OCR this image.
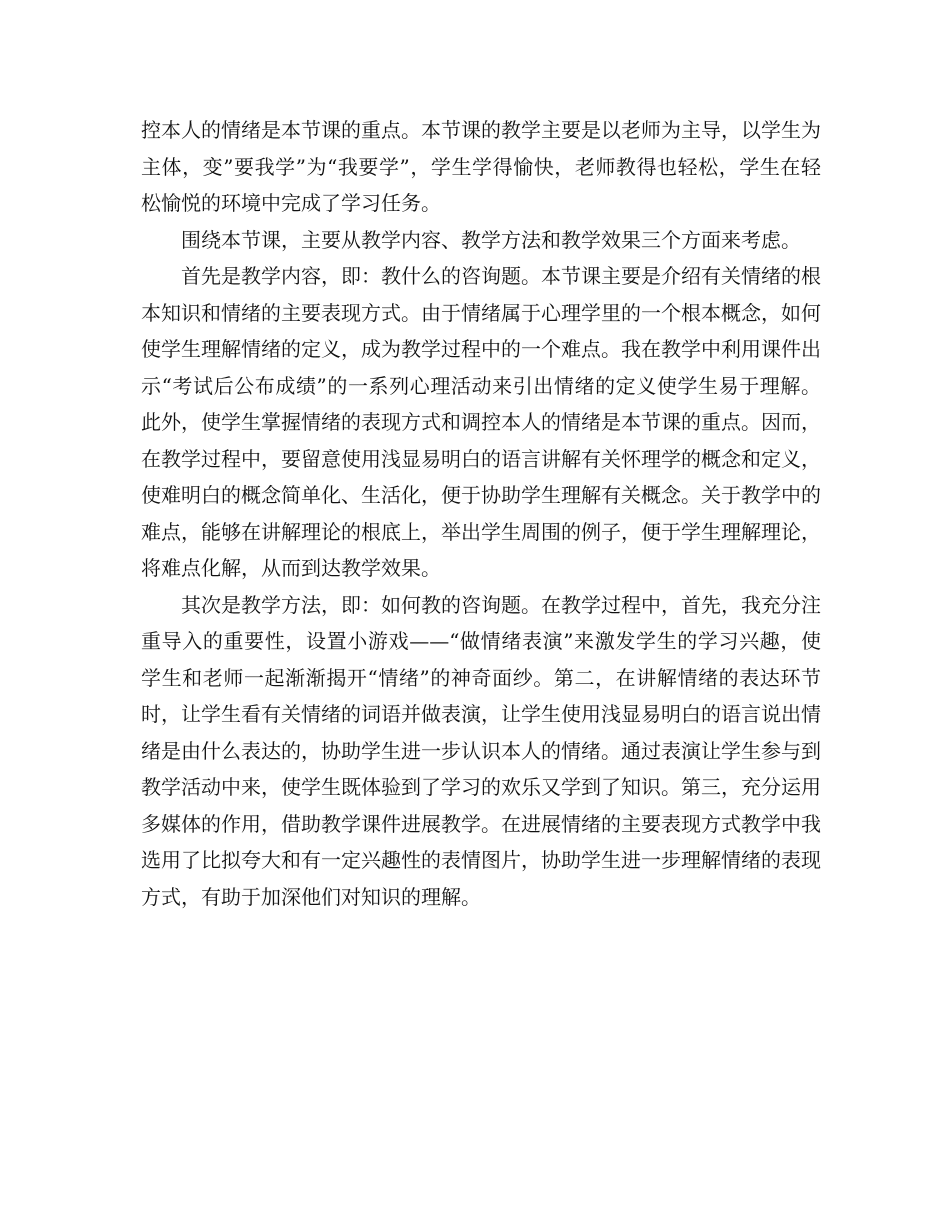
控本人的情绪是本节课的重点。本节课的教学主要是以老师为主导，以学生为主体，变”要我学”为“我要学”，学生学得愉快，老师教得也轻松，学生在轻松愉悦的环境中完成了学习任务。

围绕本节课，主要从教学内容、教学方法和教学效果三个方面来考虑。

首先是教学内容，即：教什么的咨询题。本节课主要是介绍有关情绪的根本知识和情绪的主要表现方式。由于情绪属于心理学里的一个根本概念，如何使学生理解情绪的定义，成为教学过程中的一个难点。我在教学中利用课件出示“考试后公布成绩”的一系列心理活动来引出情绪的定义使学生易于理解。此外，使学生掌握情绪的表现方式和调控本人的情绪是本节课的重点。因而，在教学过程中，要留意使用浅显易明白的语言讲解有关怀理学的概念和定义，使难明白的概念简单化、生活化，便于协助学生理解有关概念。关于教学中的难点，能够在讲解理论的根底上，举出学生周围的例子，便于学生理解理论，将难点化解，从而到达教学效果。

其次是教学方法，即：如何教的咨询题。在教学过程中，首先，我充分注重导入的重要性，设置小游戏——“做情绪表演”来激发学生的学习兴趣，使学生和老师一起渐渐揭开“情绪”的神奇面纱。第二，在讲解情绪的表达环节时，让学生看有关情绪的词语并做表演，让学生使用浅显易明白的语言说出情绪是由什么表达的，协助学生进一步认识本人的情绪。通过表演让学生参与到教学活动中来，使学生既体验到了学习的欢乐又学到了知识。第三，充分运用多媒体的作用，借助教学课件进展教学。在进展情绪的主要表现方式教学中我选用了比拟夸大和有一定兴趣性的表情图片，协助学生进一步理解情绪的表现方式，有助于加深他们对知识的理解。
